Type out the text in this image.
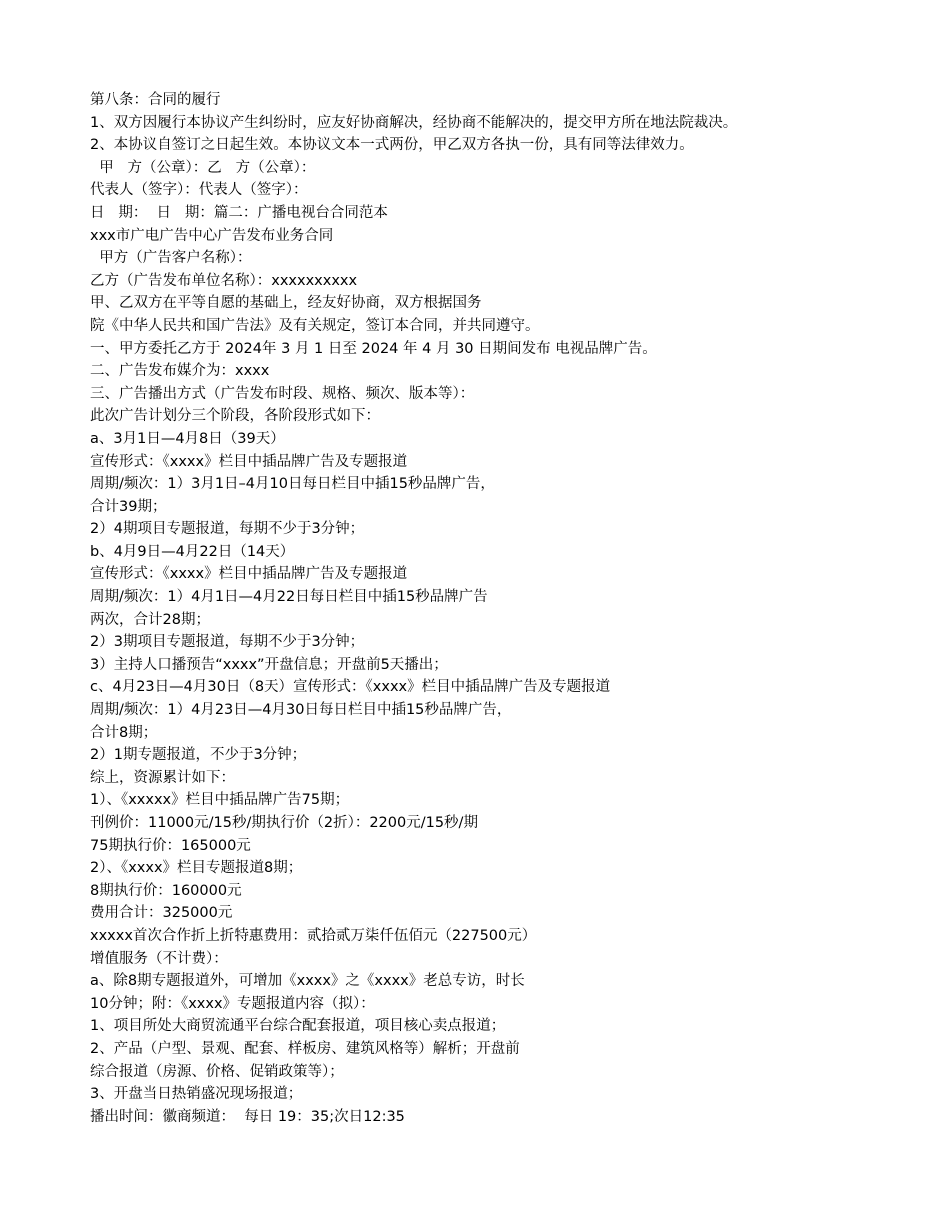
第八条：合同的履行
1、双方因履行本协议产生纠纷时，应友好协商解决，经协商不能解决的，提交甲方所在地法院裁决。
2、本协议自签订之日起生效。本协议文本一式两份，甲乙双方各执一份，具有同等法律效力。
甲   方（公章）：乙   方（公章）：
代表人（签字）：代表人（签字）：
日   期：  日   期：篇二：广播电视台合同范本
xxx市广电广告中心广告发布业务合同
甲方（广告客户名称）：
乙方（广告发布单位名称）：xxxxxxxxxx
甲、乙双方在平等自愿的基础上，经友好协商，双方根据国务
院《中华人民共和国广告法》及有关规定，签订本合同，并共同遵守。
一、甲方委托乙方于 2024年 3 月 1 日至 2024 年 4 月 30 日期间发布 电视品牌广告。
二、广告发布媒介为：xxxx
三、广告播出方式（广告发布时段、规格、频次、版本等）：
此次广告计划分三个阶段，各阶段形式如下：
a、3月1日—4月8日（39天）
宣传形式：《xxxx》栏目中插品牌广告及专题报道
周期/频次：1）3月1日–4月10日每日栏目中插15秒品牌广告，
合计39期；
2）4期项目专题报道，每期不少于3分钟；
b、4月9日—4月22日（14天）
宣传形式：《xxxx》栏目中插品牌广告及专题报道
周期/频次：1）4月1日—4月22日每日栏目中插15秒品牌广告
两次，合计28期；
2）3期项目专题报道，每期不少于3分钟；
3）主持人口播预告“xxxx”开盘信息；开盘前5天播出；
c、4月23日—4月30日（8天）宣传形式：《xxxx》栏目中插品牌广告及专题报道
周期/频次：1）4月23日—4月30日每日栏目中插15秒品牌广告，
合计8期；
2）1期专题报道，不少于3分钟；
综上，资源累计如下：
1）、《xxxxx》栏目中插品牌广告75期；
刊例价：11000元/15秒/期执行价（2折）：2200元/15秒/期
75期执行价：165000元
2）、《xxxx》栏目专题报道8期；
8期执行价：160000元
费用合计：325000元
xxxxx首次合作折上折特惠费用：贰拾贰万柒仟伍佰元（227500元）
增值服务（不计费）：
a、除8期专题报道外，可增加《xxxx》之《xxxx》老总专访，时长
10分钟；附：《xxxx》专题报道内容（拟）：
1、项目所处大商贸流通平台综合配套报道，项目核心卖点报道；
2、产品（户型、景观、配套、样板房、建筑风格等）解析；开盘前
综合报道（房源、价格、促销政策等）；
3、开盘当日热销盛况现场报道；
播出时间：徽商频道：  每日 19：35;次日12:35
